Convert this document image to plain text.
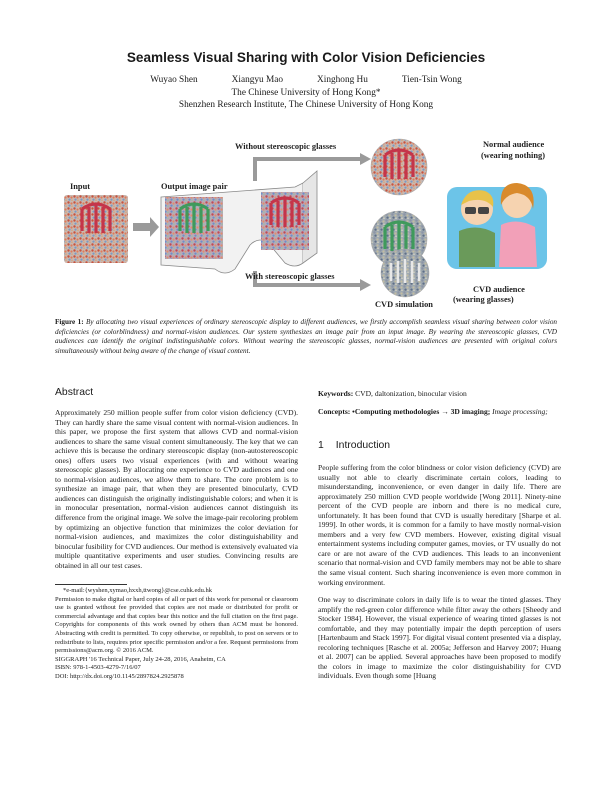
Seamless Visual Sharing with Color Vision Deficiencies
Wuyao Shen	Xiangyu Mao	Xinghong Hu	Tien-Tsin Wong
The Chinese University of Hong Kong*
Shenzhen Research Institute, The Chinese University of Hong Kong
Input	Output image pair
Without stereoscopic glasses
With stereoscopic glasses
CVD simulation
Normal audience
(wearing nothing)
CVD audience
(wearing glasses)
Figure 1: By allocating two visual experiences of ordinary stereoscopic display to different audiences, we firstly accomplish seamless visual sharing between color vision deficiencies (or colorblindness) and normal-vision audiences. Our system synthesizes an image pair from an input image. By wearing the stereoscopic glasses, CVD audiences can identify the original indistinguishable colors. Without wearing the stereoscopic glasses, normal-vision audiences are presented with original colors simultaneously without being aware of the change of visual content.
Abstract

Approximately 250 million people suffer from color vision deficiency (CVD). They can hardly share the same visual content with normal-vision audiences. In this paper, we propose the first system that allows CVD and normal-vision audiences to share the same visual content simultaneously. The key that we can achieve this is because the ordinary stereoscopic display (non-autostereoscopic ones) offers users two visual experiences (with and without wearing stereoscopic glasses). By allocating one experience to CVD audiences and one to normal-vision audiences, we allow them to share. The core problem is to synthesize an image pair, that when they are presented binocularly, CVD audiences can distinguish the originally indistinguishable colors; and when it is in monocular presentation, normal-vision audiences cannot distinguish its difference from the original image. We solve the image-pair recoloring problem by optimizing an objective function that minimizes the color deviation for normal-vision audiences, and maximizes the color distinguishability and binocular fusibility for CVD audiences. Our method is extensively evaluated via multiple quantitative experiments and user studies. Convincing results are obtained in all our test cases.

*e-mail:{wyshen,xymao,hxxh,ttwong}@cse.cuhk.edu.hk

Permission to make digital or hard copies of all or part of this work for personal or classroom use is granted without fee provided that copies are not made or distributed for profit or commercial advantage and that copies bear this notice and the full citation on the first page. Copyrights for components of this work owned by others than ACM must be honored. Abstracting with credit is permitted. To copy otherwise, or republish, to post on servers or to redistribute to lists, requires prior specific permission and/or a fee. Request permissions from permissions@acm.org. © 2016 ACM.

SIGGRAPH '16 Technical Paper, July 24-28, 2016, Anaheim, CA

ISBN: 978-1-4503-4279-7/16/07

DOI: http://dx.doi.org/10.1145/2897824.2925878

Keywords: CVD, daltonization, binocular vision

Concepts: •Computing methodologies → 3D imaging; Image processing;

1 Introduction

People suffering from the color blindness or color vision deficiency (CVD) are usually not able to clearly discriminate certain colors, leading to misunderstanding, inconvenience, or even danger in daily life. There are approximately 250 million CVD people worldwide [Wong 2011]. Ninety-nine percent of the CVD people are inborn and there is no medical cure, unfortunately. It has been found that CVD is usually hereditary [Sharpe et al. 1999]. In other words, it is common for a family to have mostly normal-vision members and a very few CVD members. However, existing digital visual entertainment systems including computer games, movies, or TV usually do not care or are not aware of the CVD audiences. This leads to an inconvenient scenario that normal-vision and CVD family members may not be able to share the same visual content. Such sharing inconvenience is even more common in working environment.

One way to discriminate colors in daily life is to wear the tinted glasses. They amplify the red-green color difference while filter away the others [Sheedy and Stocker 1984]. However, the visual experience of wearing tinted glasses is not comfortable, and they may potentially impair the depth perception of users [Hartenbaum and Stack 1997]. For digital visual content presented via a display, recoloring techniques [Rasche et al. 2005a; Jefferson and Harvey 2007; Huang et al. 2007] can be applied. Several approaches have been proposed to modify the colors in image to maximize the color distinguishability for CVD individuals. Even though some [Huang
